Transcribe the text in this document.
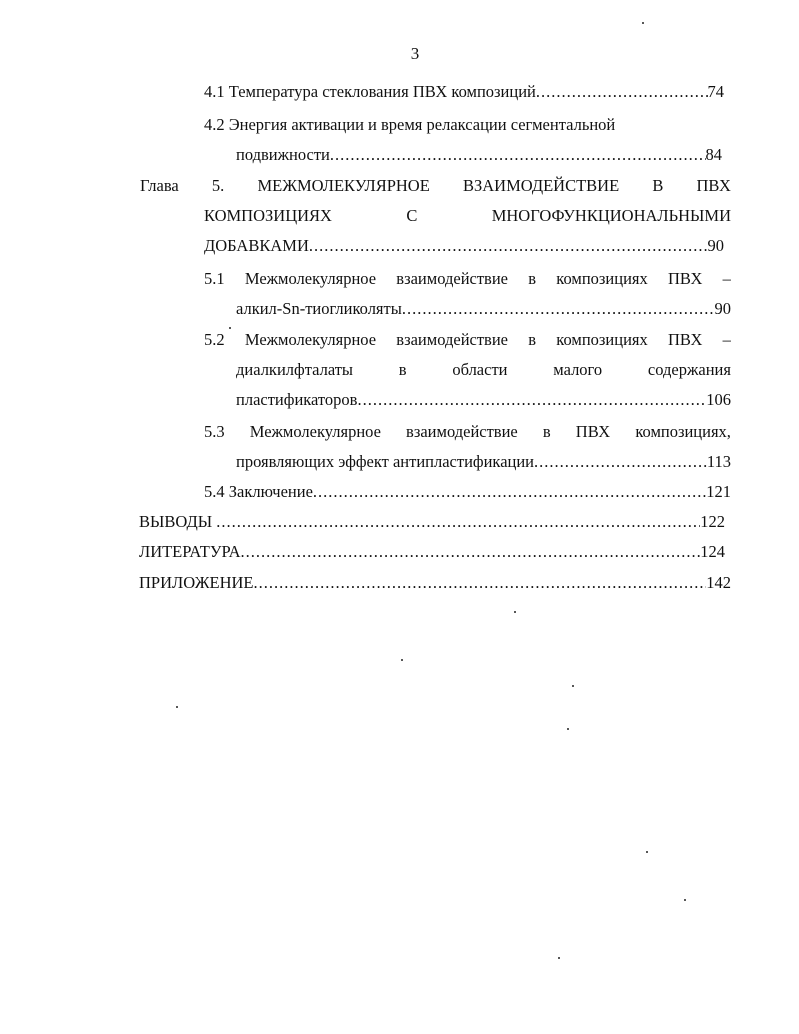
3
4.1 Температура стеклования ПВХ композиций .....	74
4.2 Энергия активации и время релаксации сегментальной
подвижности .....	84
Глава 5. МЕЖМОЛЕКУЛЯРНОЕ ВЗАИМОДЕЙСТВИЕ В ПВХ
КОМПОЗИЦИЯХ	С	МНОГОФУНКЦИОНАЛЬНЫМИ
ДОБАВКАМИ .....	90
5.1 Межмолекулярное взаимодействие в композициях ПВХ –
алкил-Sn-тиогликоляты .....	90
5.2 Межмолекулярное взаимодействие в композициях ПВХ –
диалкилфталаты	в	области	малого	содержания
пластификаторов .....	106
5.3 Межмолекулярное взаимодействие в ПВХ композициях,
проявляющих эффект антипластификации .....	113
5.4 Заключение .....	121
ВЫВОДЫ .....	122
ЛИТЕРАТУРА .....	124
ПРИЛОЖЕНИЕ .....	142
